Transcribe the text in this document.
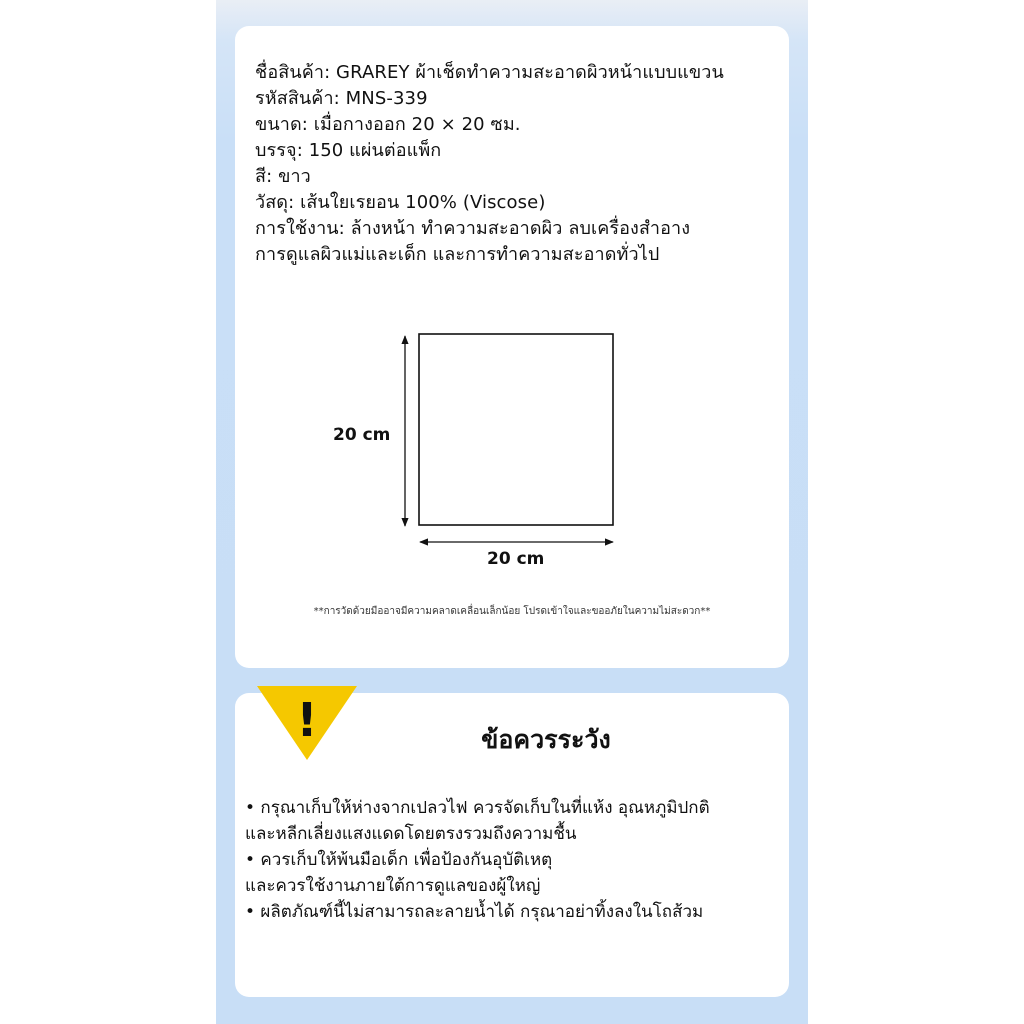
ชื่อสินค้า: GRAREY ผ้าเช็ดทำความสะอาดผิวหน้าแบบแขวน
รหัสสินค้า: MNS-339
ขนาด: เมื่อกางออก 20 × 20 ซม.
บรรจุ: 150 แผ่นต่อแพ็ก
สี: ขาว
วัสดุ: เส้นใยเรยอน 100% (Viscose)
การใช้งาน: ล้างหน้า ทำความสะอาดผิว ลบเครื่องสำอาง
การดูแลผิวแม่และเด็ก และการทำความสะอาดทั่วไป
20 cm
20 cm
**การวัดด้วยมืออาจมีความคลาดเคลื่อนเล็กน้อย โปรดเข้าใจและขออภัยในความไม่สะดวก**
ข้อควรระวัง
• กรุณาเก็บให้ห่างจากเปลวไฟ ควรจัดเก็บในที่แห้ง อุณหภูมิปกติ
และหลีกเลี่ยงแสงแดดโดยตรงรวมถึงความชื้น
• ควรเก็บให้พ้นมือเด็ก เพื่อป้องกันอุบัติเหตุ
และควรใช้งานภายใต้การดูแลของผู้ใหญ่
• ผลิตภัณฑ์นี้ไม่สามารถละลายน้ำได้ กรุณาอย่าทิ้งลงในโถส้วม
!
